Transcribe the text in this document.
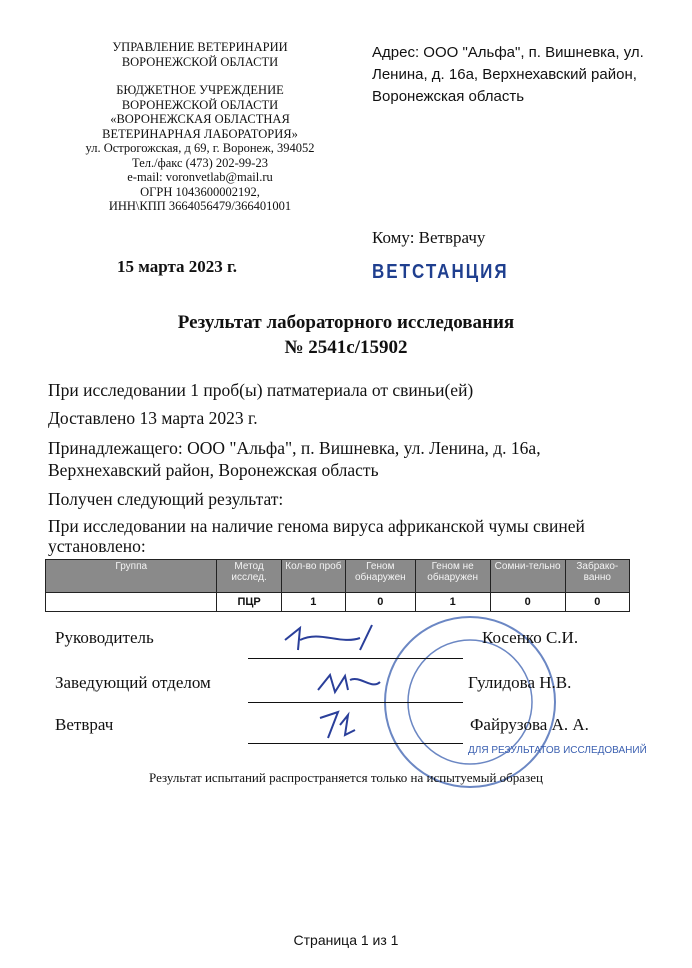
УПРАВЛЕНИЕ ВЕТЕРИНАРИИ
ВОРОНЕЖСКОЙ ОБЛАСТИ
БЮДЖЕТНОЕ УЧРЕЖДЕНИЕ
ВОРОНЕЖСКОЙ ОБЛАСТИ
«ВОРОНЕЖСКАЯ ОБЛАСТНАЯ
ВЕТЕРИНАРНАЯ ЛАБОРАТОРИЯ»
ул. Острогожская, д 69, г. Воронеж, 394052
Тел./факс (473) 202-99-23
e-mail: voronvetlab@mail.ru
ОГРН 1043600002192,
ИНН\КПП 3664056479/366401001
Адрес: ООО "Альфа", п. Вишневка, ул. Ленина, д. 16а, Верхнехавский район, Воронежская область
Кому: Ветврачу
ВЕТСТАНЦИЯ
15 марта 2023 г.
Результат лабораторного исследования
№ 2541с/15902
При исследовании 1 проб(ы) патматериала от свиньи(ей)
Доставлено 13 марта 2023 г.
Принадлежащего: ООО "Альфа", п. Вишневка, ул. Ленина, д. 16а, Верхнехавский район, Воронежская область
Получен следующий результат:
При исследовании на наличие генома вируса африканской чумы свиней установлено:
Группа	Метод исслед.	Кол-во проб	Геном обнаружен	Геном не обнаружен	Сомни-тельно	Забрако-ванно
	ПЦР	1	0	1	0	0
Руководитель	Косенко С.И.
Заведующий отделом	Гулидова Н.В.
Ветврач	Файрузова А. А.
ДЛЯ РЕЗУЛЬТАТОВ ИССЛЕДОВАНИЙ
Результат испытаний распространяется только на испытуемый образец
Страница 1 из 1
